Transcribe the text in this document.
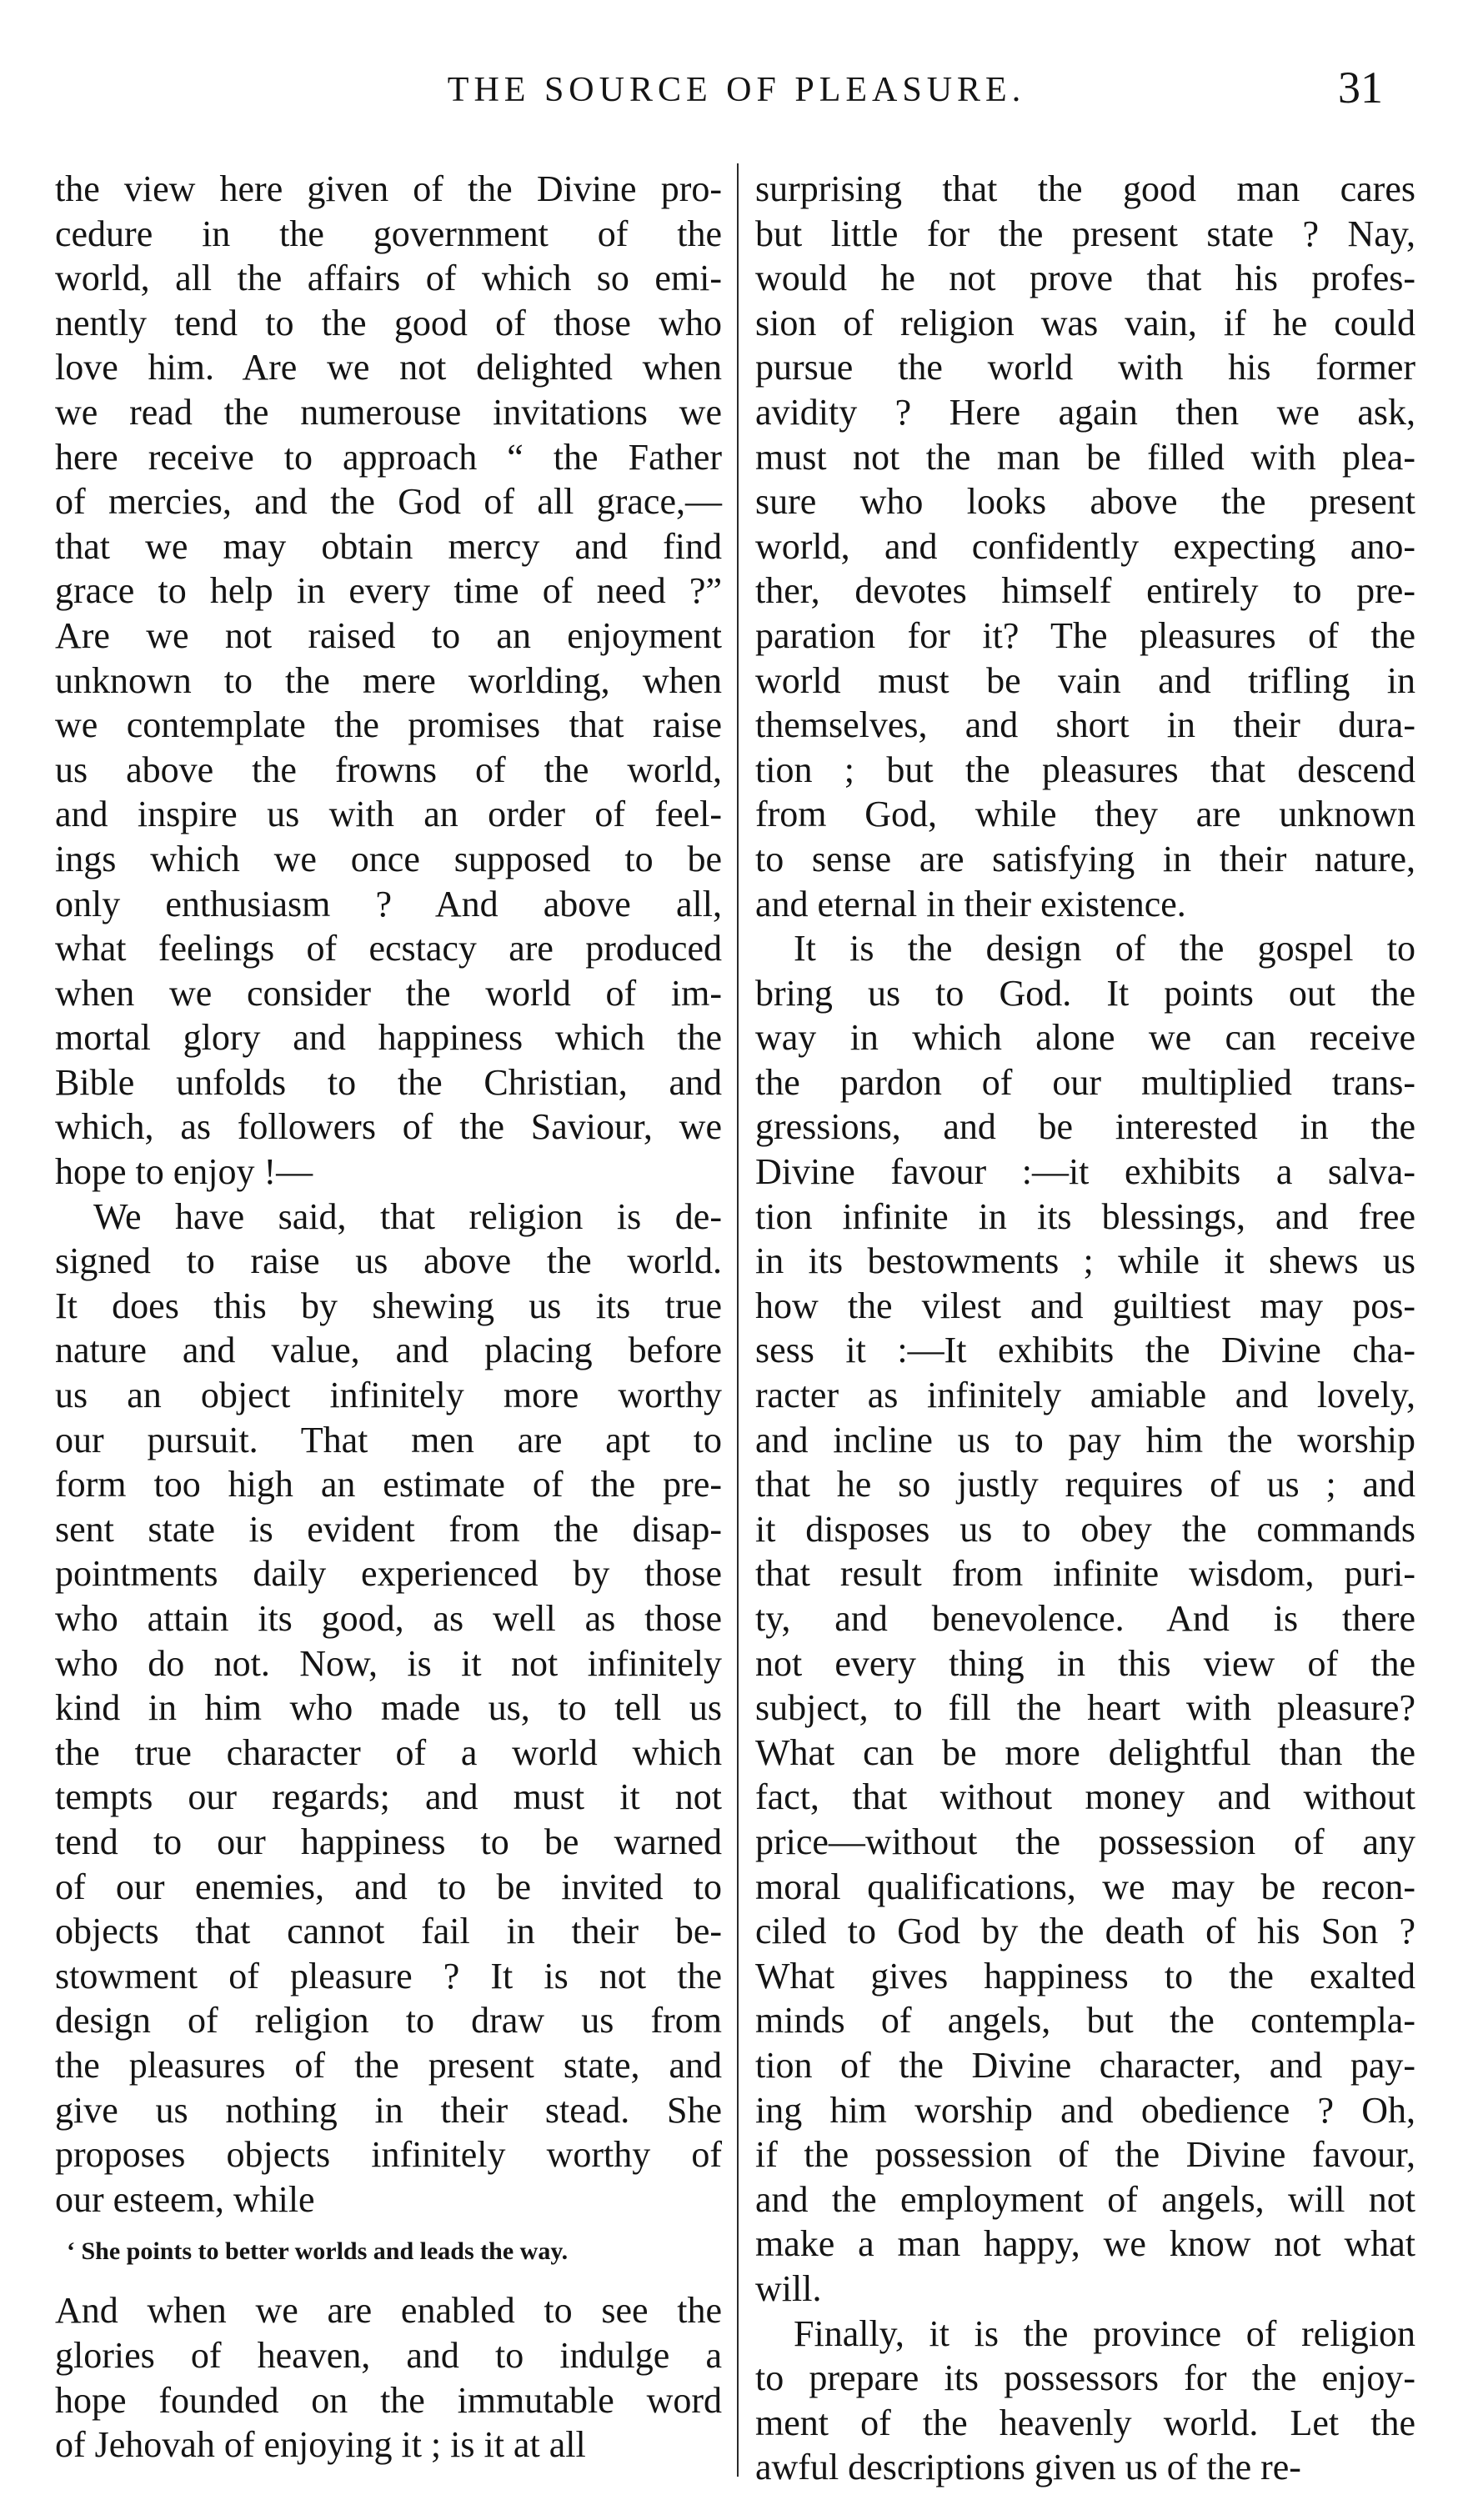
THE SOURCE OF PLEASURE.	31
the view here given of the Divine pro-
cedure in the government of the
world, all the affairs of which so emi-
nently tend to the good of those who
love him. Are we not delighted when
we read the numerouse invitations we
here receive to approach “ the Father
of mercies, and the God of all grace,—
that we may obtain mercy and find
grace to help in every time of need ?”
Are we not raised to an enjoyment
unknown to the mere worlding, when
we contemplate the promises that raise
us above the frowns of the world,
and inspire us with an order of feel-
ings which we once supposed to be
only enthusiasm ? And above all,
what feelings of ecstacy are produced
when we consider the world of im-
mortal glory and happiness which the
Bible unfolds to the Christian, and
which, as followers of the Saviour, we
hope to enjoy !—
We have said, that religion is de-
signed to raise us above the world.
It does this by shewing us its true
nature and value, and placing before
us an object infinitely more worthy
our pursuit. That men are apt to
form too high an estimate of the pre-
sent state is evident from the disap-
pointments daily experienced by those
who attain its good, as well as those
who do not. Now, is it not infinitely
kind in him who made us, to tell us
the true character of a world which
tempts our regards; and must it not
tend to our happiness to be warned
of our enemies, and to be invited to
objects that cannot fail in their be-
stowment of pleasure ? It is not the
design of religion to draw us from
the pleasures of the present state, and
give us nothing in their stead. She
proposes objects infinitely worthy of
our esteem, while
‘ She points to better worlds and leads the way.
And when we are enabled to see the
glories of heaven, and to indulge a
hope founded on the immutable word
of Jehovah of enjoying it ; is it at all
surprising that the good man cares
but little for the present state ? Nay,
would he not prove that his profes-
sion of religion was vain, if he could
pursue the world with his former
avidity ? Here again then we ask,
must not the man be filled with plea-
sure who looks above the present
world, and confidently expecting ano-
ther, devotes himself entirely to pre-
paration for it? The pleasures of the
world must be vain and trifling in
themselves, and short in their dura-
tion ; but the pleasures that descend
from God, while they are unknown
to sense are satisfying in their nature,
and eternal in their existence.
It is the design of the gospel to
bring us to God. It points out the
way in which alone we can receive
the pardon of our multiplied trans-
gressions, and be interested in the
Divine favour :—it exhibits a salva-
tion infinite in its blessings, and free
in its bestowments ; while it shews us
how the vilest and guiltiest may pos-
sess it :—It exhibits the Divine cha-
racter as infinitely amiable and lovely,
and incline us to pay him the worship
that he so justly requires of us ; and
it disposes us to obey the commands
that result from infinite wisdom, puri-
ty, and benevolence. And is there
not every thing in this view of the
subject, to fill the heart with pleasure?
What can be more delightful than the
fact, that without money and without
price—without the possession of any
moral qualifications, we may be recon-
ciled to God by the death of his Son ?
What gives happiness to the exalted
minds of angels, but the contempla-
tion of the Divine character, and pay-
ing him worship and obedience ? Oh,
if the possession of the Divine favour,
and the employment of angels, will not
make a man happy, we know not what
will.
Finally, it is the province of religion
to prepare its possessors for the enjoy-
ment of the heavenly world. Let the
awful descriptions given us of the re-
